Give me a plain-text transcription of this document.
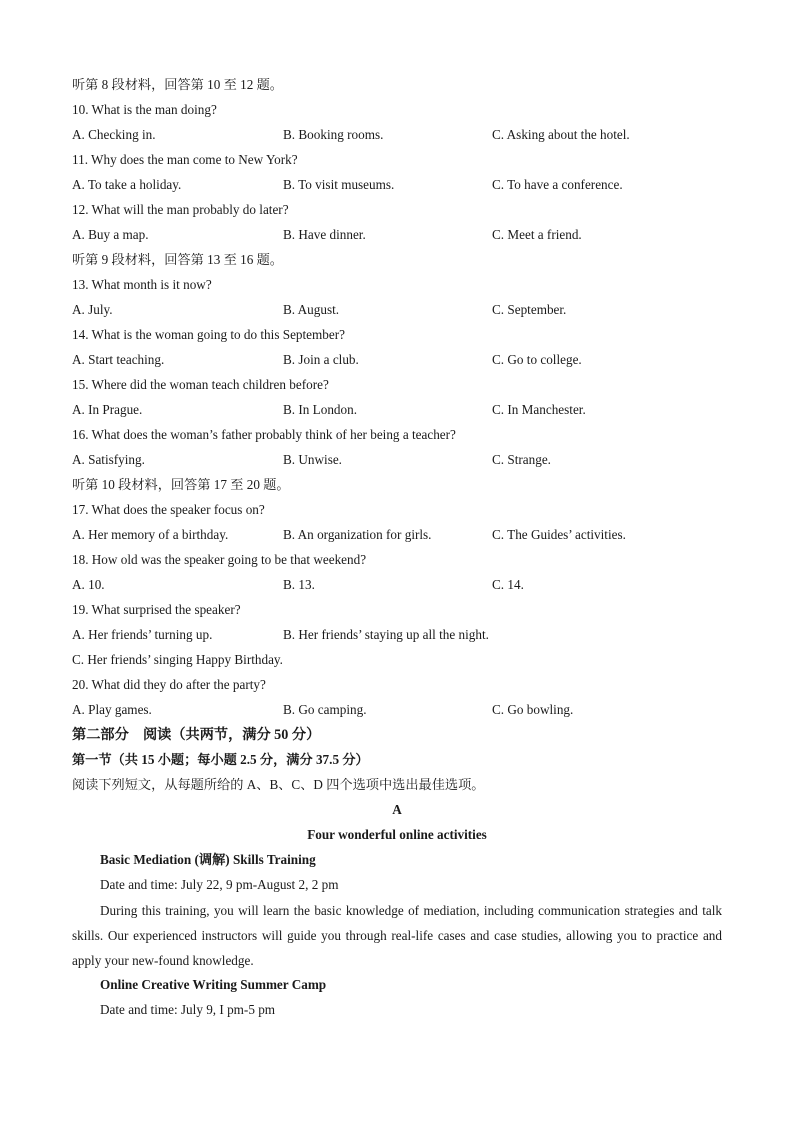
听第 8 段材料，回答第 10 至 12 题。
10. What is the man doing?
A. Checking in.	B. Booking rooms.	C. Asking about the hotel.
11. Why does the man come to New York?
A. To take a holiday.	B. To visit museums.	C. To have a conference.
12. What will the man probably do later?
A. Buy a map.	B. Have dinner.	C. Meet a friend.
听第 9 段材料，回答第 13 至 16 题。
13. What month is it now?
A. July.	B. August.	C. September.
14. What is the woman going to do this September?
A. Start teaching.	B. Join a club.	C. Go to college.
15. Where did the woman teach children before?
A. In Prague.	B. In London.	C. In Manchester.
16. What does the woman’s father probably think of her being a teacher?
A. Satisfying.	B. Unwise.	C. Strange.
听第 10 段材料，回答第 17 至 20 题。
17. What does the speaker focus on?
A. Her memory of a birthday.	B. An organization for girls.	C. The Guides’ activities.
18. How old was the speaker going to be that weekend?
A. 10.	B. 13.	C. 14.
19. What surprised the speaker?
A. Her friends’ turning up.	B. Her friends’ staying up all the night.
C. Her friends’ singing Happy Birthday.
20. What did they do after the party?
A. Play games.	B. Go camping.	C. Go bowling.
第二部分　阅读（共两节，满分 50 分）
第一节（共 15 小题；每小题 2.5 分，满分 37.5 分）
阅读下列短文，从每题所给的 A、B、C、D 四个选项中选出最佳选项。
A
Four wonderful online activities
Basic Mediation (调解) Skills Training
Date and time: July 22, 9 pm-August 2, 2 pm
During this training, you will learn the basic knowledge of mediation, including communication strategies and talk skills. Our experienced instructors will guide you through real-life cases and case studies, allowing you to practice and apply your new-found knowledge.
Online Creative Writing Summer Camp
Date and time: July 9, I pm-5 pm
